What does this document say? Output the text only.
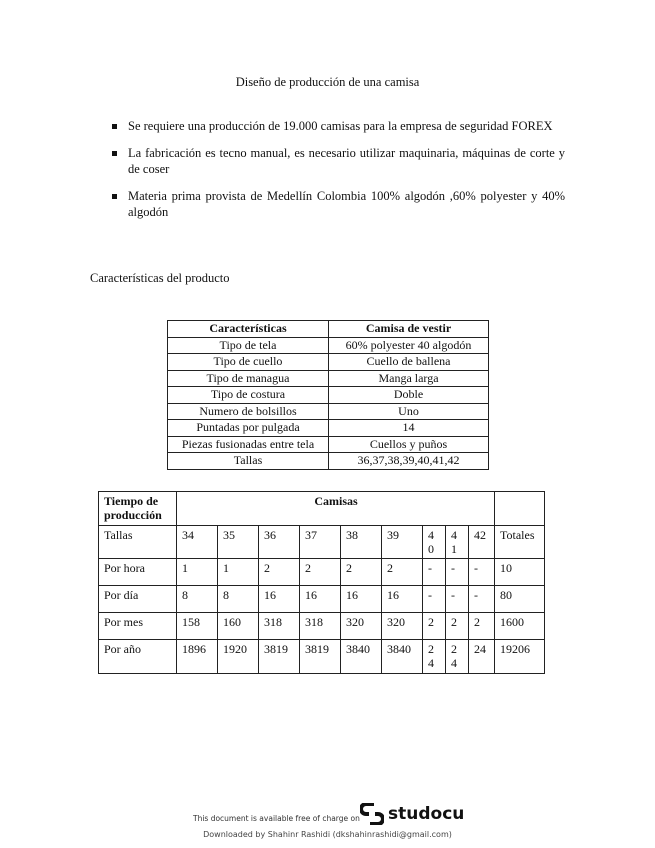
Diseño de producción de una camisa
Se requiere una producción de 19.000 camisas para la empresa de seguridad FOREX
La fabricación es tecno manual, es necesario utilizar maquinaria, máquinas de corte y de coser
Materia prima provista de Medellín Colombia 100% algodón ,60% polyester y 40% algodón
Características del producto
Características	Camisa de vestir
Tipo de tela	60% polyester 40 algodón
Tipo de cuello	Cuello de ballena
Tipo de managua	Manga larga
Tipo de costura	Doble
Numero de bolsillos	Uno
Puntadas por pulgada	14
Piezas fusionadas entre tela	Cuellos y puños
Tallas	36,37,38,39,40,41,42
Tiempo de producción	Camisas									
Tallas	34	35	36	37	38	39	40	41	42	Totales
Por hora	1	1	2	2	2	2	-	-	-	10
Por día	8	8	16	16	16	16	-	-	-	80
Por mes	158	160	318	318	320	320	2	2	2	1600
Por año	1896	1920	3819	3819	3840	3840	24	24	24	19206
This document is available free of charge on studocu
Downloaded by Shahinr Rashidi (dkshahinrashidi@gmail.com)
